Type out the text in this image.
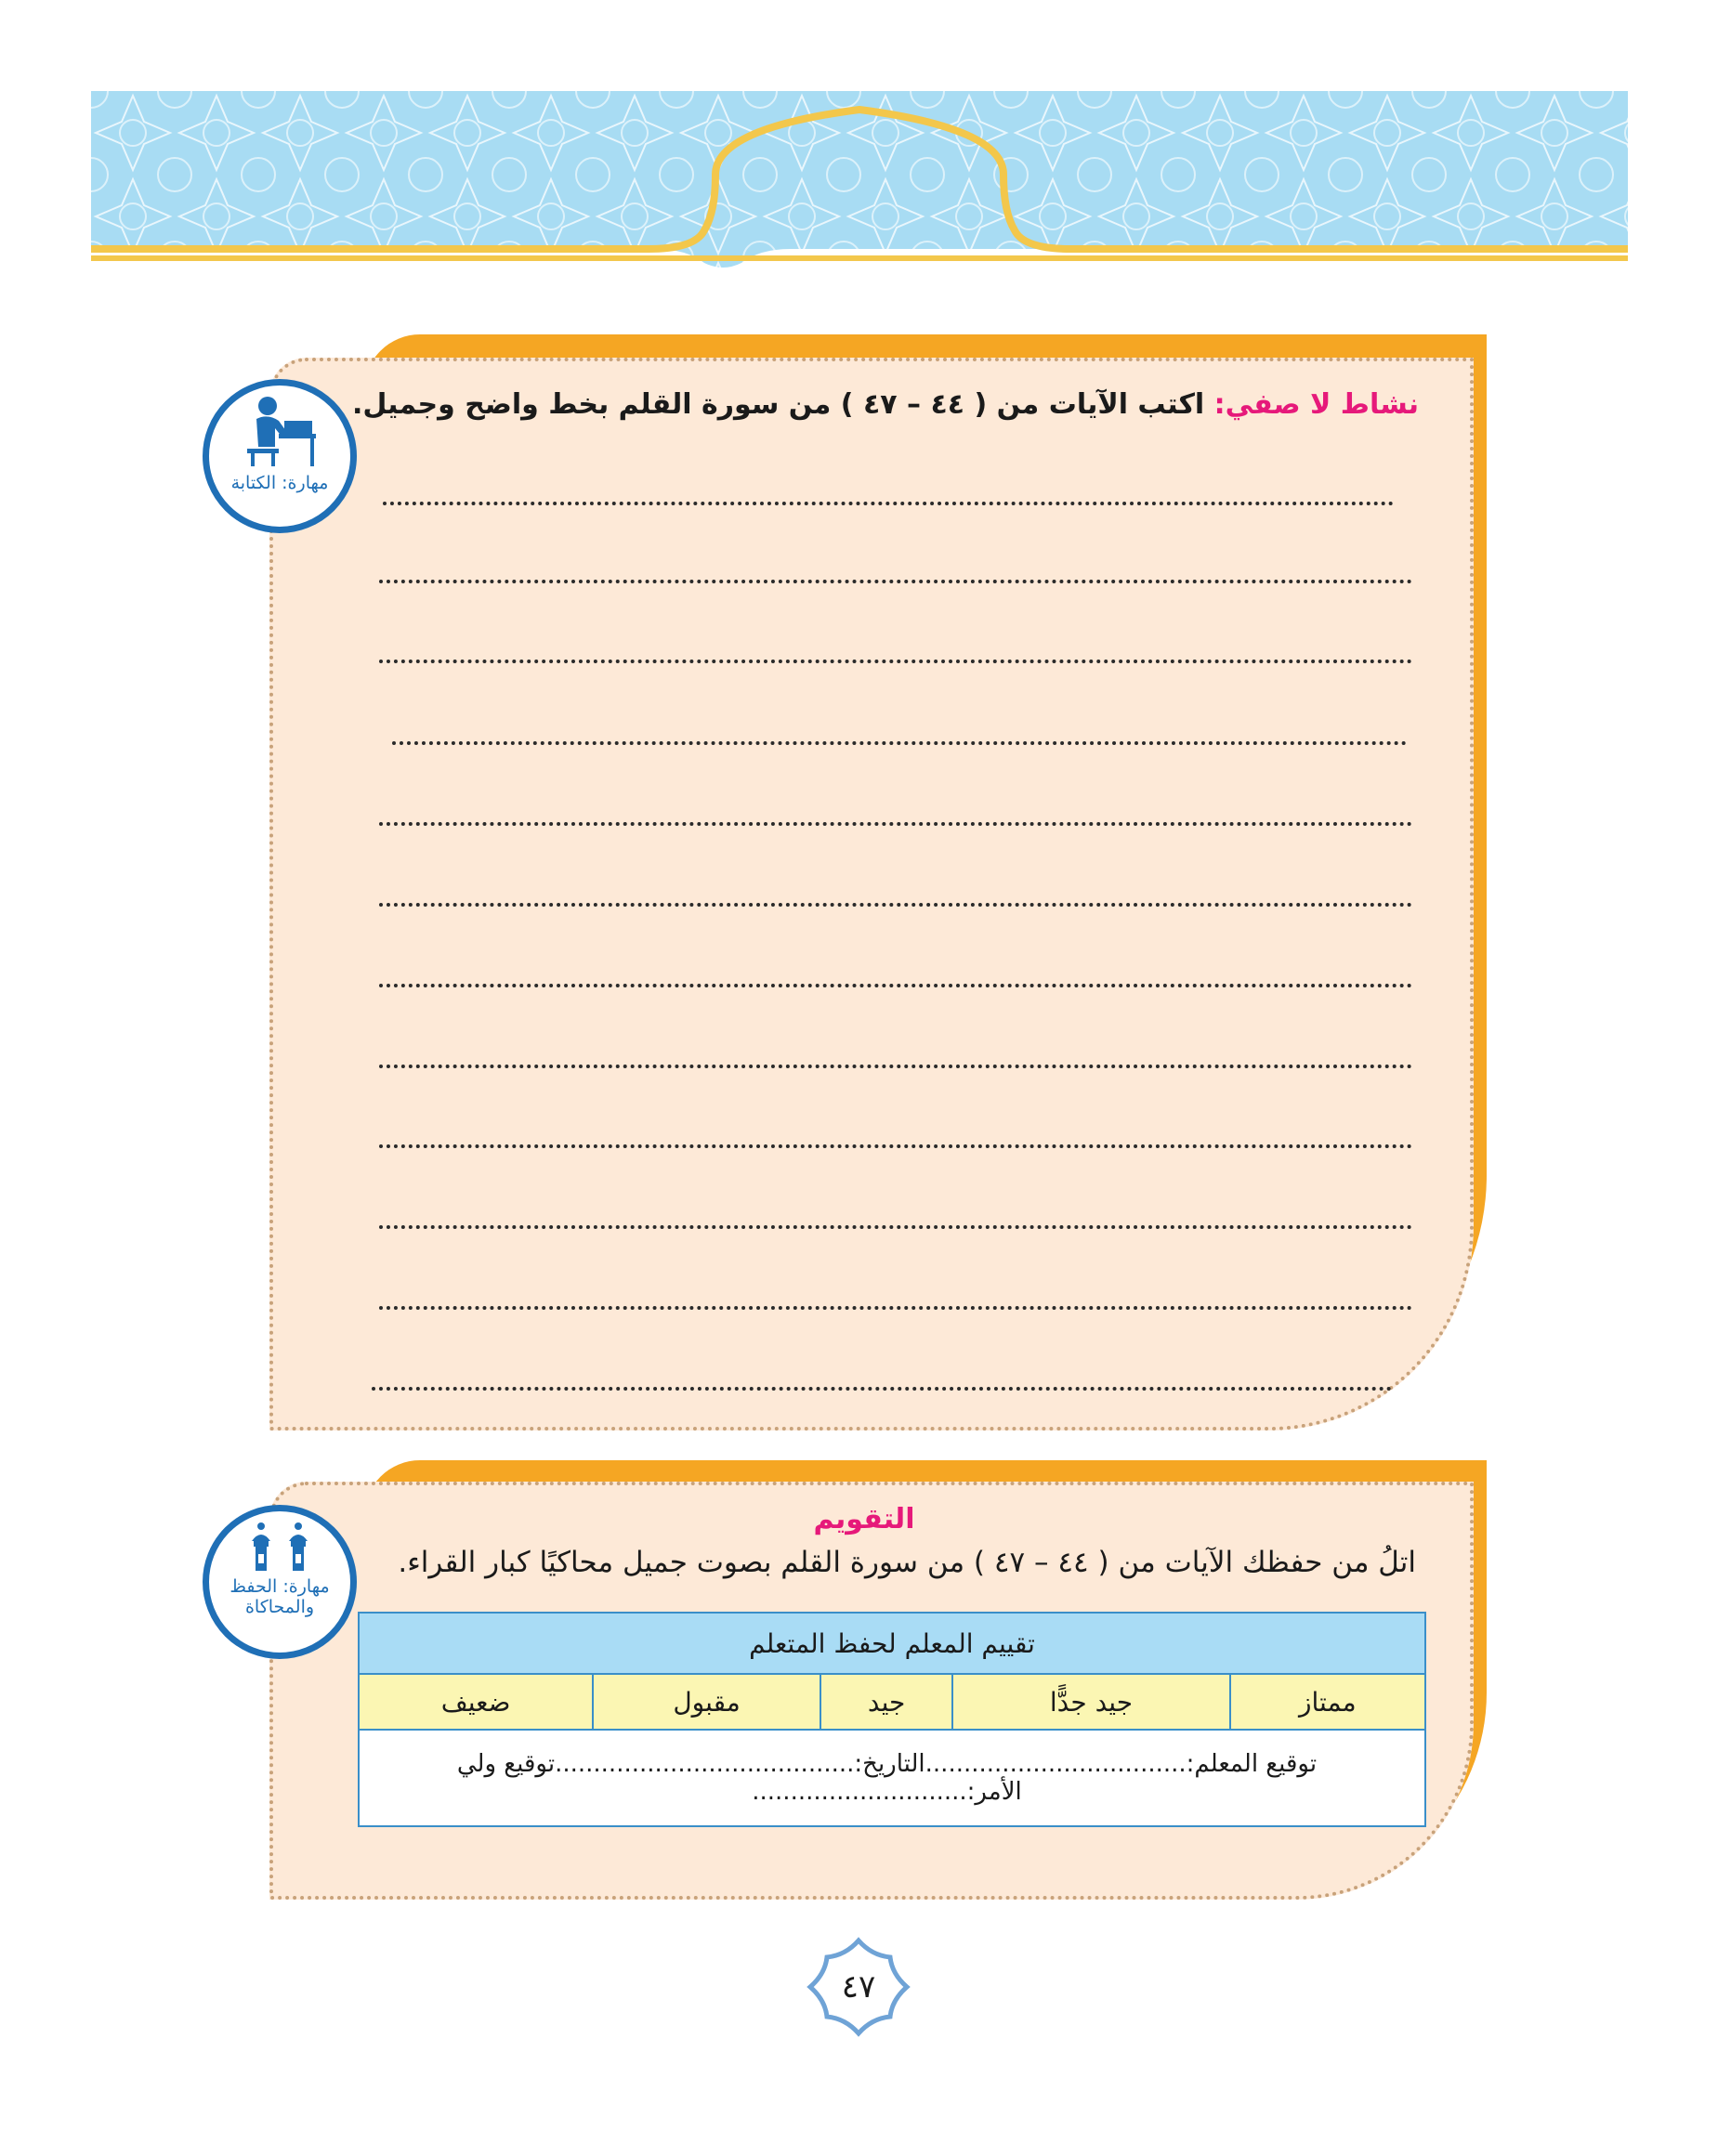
مهارة: الكتابة
نشاط لا صفي: اكتب الآيات من ( ٤٤ – ٤٧ ) من سورة القلم بخط واضح وجميل.
مهارة: الحفظ والمحاكاة
التقويم
اتلُ من حفظك الآيات من ( ٤٤ – ٤٧ ) من سورة القلم بصوت جميل محاكيًا كبار القراء.
تقييم المعلم لحفظ المتعلم
ممتاز	جيد جدًّا	جيد	مقبول	ضعيف
توقيع المعلم:..................................التاريخ:.......................................توقيع ولي الأمر:............................
٤٧
